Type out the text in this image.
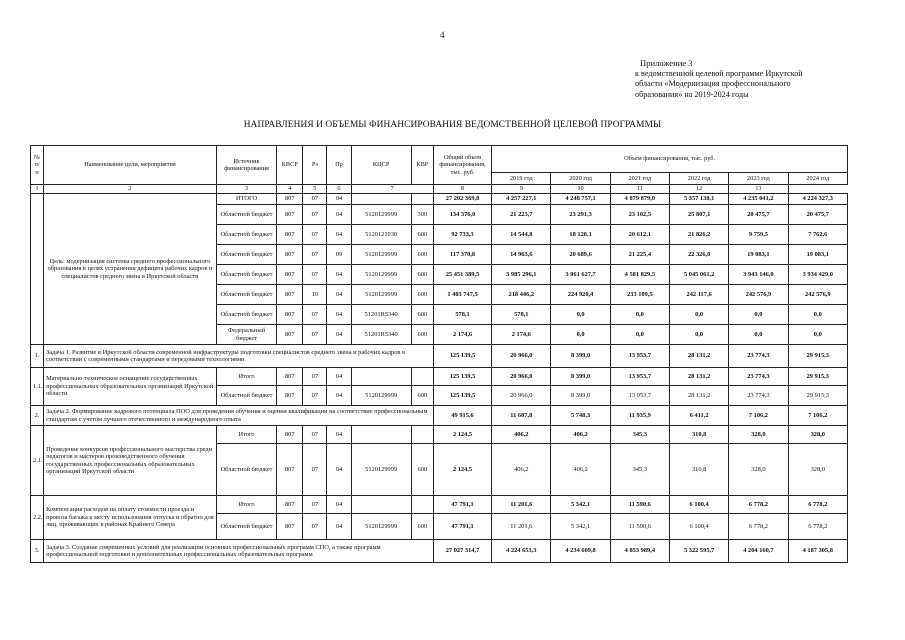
4
Приложение 3
к ведомственной целевой программе Иркутской
области «Модернизация профессионального
образования» на 2019-2024 годы
НАПРАВЛЕНИЯ И ОБЪЕМЫ ФИНАНСИРОВАНИЯ ВЕДОМСТВЕННОЙ ЦЕЛЕВОЙ ПРОГРАММЫ
№ п/п	Наименование цели, мероприятия	Источник финансирования	КВСР	Рз	Пр	КЦСР	КВР	Общий объем финансирования, тыс. руб.	Объем финансирования, тыс. руб.					
									2019 год	2020 год	2021 год	2022 год	2023 год	2024 год
1	2	3	4	5	6	7		8	9	10	11	12	13	
	Цель: модернизация системы среднего профессионального образования в целях устранения дефицита рабочих кадров и специалистов среднего звена в Иркутской области	ИТОГО	807	07	04			27 202 369,8	4 257 227,1	4 248 757,1	4 879 879,0	5 357 138,1	4 235 041,2	4 224 327,3
		Областной бюджет	807	07	04	5120129999	300	134 376,0	21 223,7	23 291,3	23 102,5	25 807,1	20 475,7	20 475,7
		Областной бюджет	807	07	04	5120121030	600	92 733,3	14 544,8	18 128,1	20 612,1	21 826,2	9 759,5	7 762,6
		Областной бюджет	807	07	09	5120129999	600	117 370,8	14 963,6	20 689,6	21 225,4	22 326,0	19 083,1	19 083,1
		Областной бюджет	807	07	04	5120129999	600	25 451 389,5	3 985 296,1	3 961 627,7	4 581 829,5	5 045 061,2	3 943 146,0	3 934 429,0
		Областной бюджет	807	10	04	5120129999	600	1 403 747,5	218 446,2	224 920,4	233 109,5	242 117,6	242 576,9	242 576,9
		Областной бюджет	807	07	04	51201R5340	600	578,1	578,1	0,0	0,0	0,0	0,0	0,0
		Федеральный бюджет	807	07	04	51201R5340	600	2 174,6	2 174,6	0,0	0,0	0,0	0,0	0,0
1.	Задача 1. Развитие в Иркутской области современной инфраструктуры подготовки специалистов среднего звена и рабочих кадров в соответствии с современными стандартами и передовыми технологиями							125 139,5	20 966,0	8 399,0	13 953,7	28 131,2	23 774,3	29 915,3
1.1.	Материально-техническое оснащение государственных профессиональных образовательных организаций Иркутской области	Итого	807	07	04			125 139,5	20 966,0	8 399,0	13 953,7	28 131,2	23 774,3	29 915,3
		Областной бюджет	807	07	04	5120129999	600	125 139,5	20 966,0	8 399,0	13 953,7	28 131,2	23 774,3	29 915,3
2.	Задача 2. Формирование кадрового потенциала ПОО для проведения обучения и оценки квалификации на соответствие профессиональным стандартам с учетом лучшего отечественного и международного опыта							49 915,6	11 607,8	5 748,3	11 935,9	6 411,2	7 106,2	7 106,2
2.1.	Проведение конкурсов профессионального мастерства среди педагогов и мастеров производственного обучения государственных профессиональных образовательных организаций Иркутской области	Итого	807	07	04			2 124,5	406,2	406,2	345,3	310,8	328,0	328,0
		Областной бюджет	807	07	04	5120129999	600	2 124,5	406,2	406,2	345,3	310,8	328,0	328,0
2.2.	Компенсация расходов на оплату стоимости проезда и провоза багажа к месту использования отпуска и обратно для лиц, проживающих в районах Крайнего Севера	Итого	807	07	04			47 791,1	11 201,6	5 342,1	11 590,6	6 100,4	6 778,2	6 778,2
		Областной бюджет	807	07	04	5120129999	600	47 791,1	11 201,6	5 342,1	11 590,6	6 100,4	6 778,2	6 778,2
3.	Задача 3. Создание современных условий для реализации основных профессиональных программ СПО, а также программ профессиональной подготовки и дополнительных профессиональных образовательных программ							27 027 314,7	4 224 653,3	4 234 609,8	4 853 989,4	5 322 595,7	4 204 160,7	4 187 305,8
